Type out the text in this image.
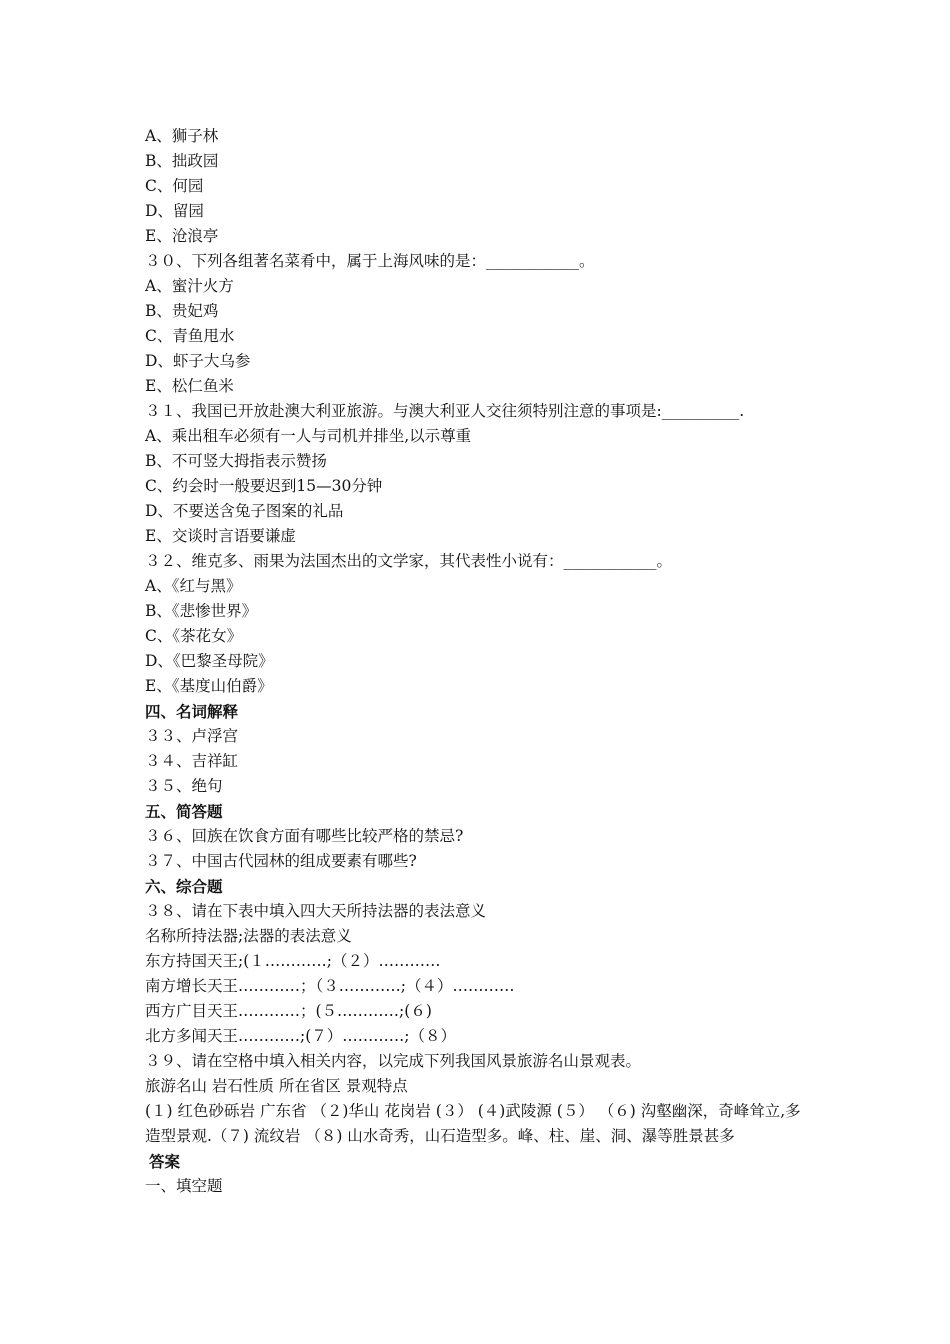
A、狮子林
B、拙政园
C、何园
D、留园
E、沧浪亭
３０、下列各组著名菜肴中，属于上海风味的是：____________。
A、蜜汁火方
B、贵妃鸡
C、青鱼甩水
D、虾子大乌参
E、松仁鱼米
３１、我国已开放赴澳大利亚旅游。与澳大利亚人交往须特别注意的事项是:__________.
A、乘出租车必须有一人与司机并排坐,以示尊重
B、不可竖大拇指表示赞扬
C、约会时一般要迟到15—30分钟
D、不要送含兔子图案的礼品
E、交谈时言语要谦虚
３２、维克多、雨果为法国杰出的文学家，其代表性小说有：____________。
A、《红与黑》
B、《悲惨世界》
C、《茶花女》
D、《巴黎圣母院》
E、《基度山伯爵》
四、名词解释
３３、卢浮宫
３４、吉祥缸
３５、绝句
五、简答题
３６、回族在饮食方面有哪些比较严格的禁忌?
３７、中国古代园林的组成要素有哪些?
六、综合题
３８、请在下表中填入四大天所持法器的表法意义
名称所持法器;法器的表法意义
东方持国天王;(１…………;（２）…………
南方增长天王…………；（３…………;（４）…………
西方广目天王…………；(５…………;(６)
北方多闻天王…………;(７）…………;（８）
３９、请在空格中填入相关内容，以完成下列我国风景旅游名山景观表。
旅游名山 岩石性质 所在省区 景观特点
(１) 红色砂砾岩 广东省 （２)华山 花岗岩 (３） (４)武陵源 (５） （６) 沟壑幽深，奇峰耸立,多造型景观.（７) 流纹岩 （８) 山水奇秀，山石造型多。峰、柱、崖、洞、瀑等胜景甚多
答案
一、填空题
